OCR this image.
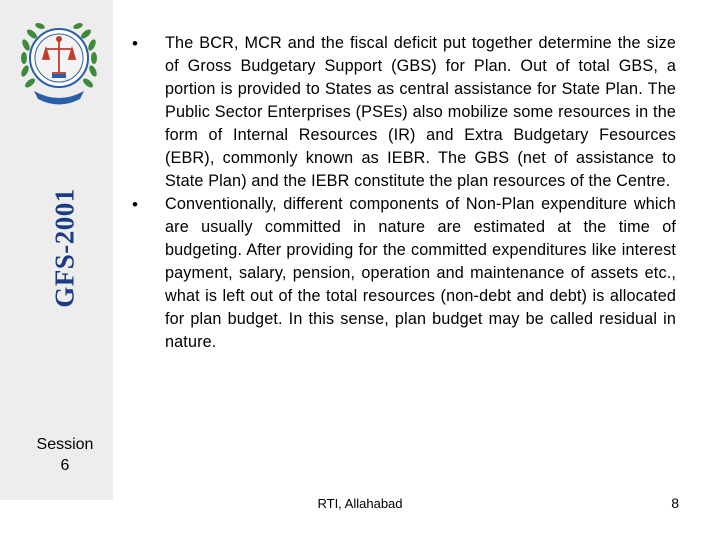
GFS-2001
Session
6
• The BCR, MCR and the fiscal deficit put together determine the size of Gross Budgetary Support (GBS) for Plan. Out of total GBS, a portion is provided to States as central assistance for State Plan. The Public Sector Enterprises (PSEs) also mobilize some resources in the form of Internal Resources (IR) and Extra Budgetary Fesources (EBR), commonly known as IEBR. The GBS (net of assistance to State Plan) and the IEBR constitute the plan resources of the Centre.
• Conventionally, different components of Non-Plan expenditure which are usually committed in nature are estimated at the time of budgeting. After providing for the committed expenditures like interest payment, salary, pension, operation and maintenance of assets etc., what is left out of the total resources (non-debt and debt) is allocated for plan budget. In this sense, plan budget may be called residual in nature.
RTI, Allahabad	8
